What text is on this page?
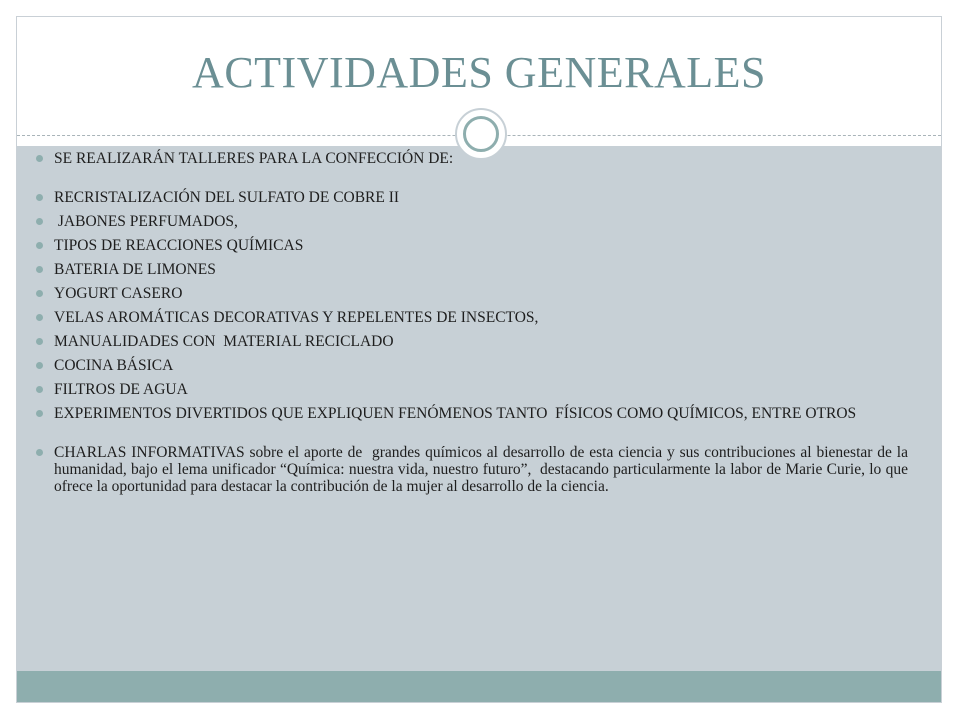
ACTIVIDADES GENERALES
SE REALIZARÁN TALLERES PARA LA CONFECCIÓN DE:
RECRISTALIZACIÓN DEL SULFATO DE COBRE II
JABONES PERFUMADOS,
TIPOS DE REACCIONES QUÍMICAS
BATERIA DE LIMONES
YOGURT CASERO
VELAS AROMÁTICAS DECORATIVAS Y REPELENTES DE INSECTOS,
MANUALIDADES CON  MATERIAL RECICLADO
COCINA BÁSICA
FILTROS DE AGUA
EXPERIMENTOS DIVERTIDOS QUE EXPLIQUEN FENÓMENOS TANTO  FÍSICOS COMO QUÍMICOS, ENTRE OTROS
CHARLAS INFORMATIVAS sobre el aporte de  grandes químicos al desarrollo de esta ciencia y sus contribuciones al bienestar de la humanidad, bajo el lema unificador “Química: nuestra vida, nuestro futuro”,  destacando particularmente la labor de Marie Curie, lo que ofrece la oportunidad para destacar la contribución de la mujer al desarrollo de la ciencia.
